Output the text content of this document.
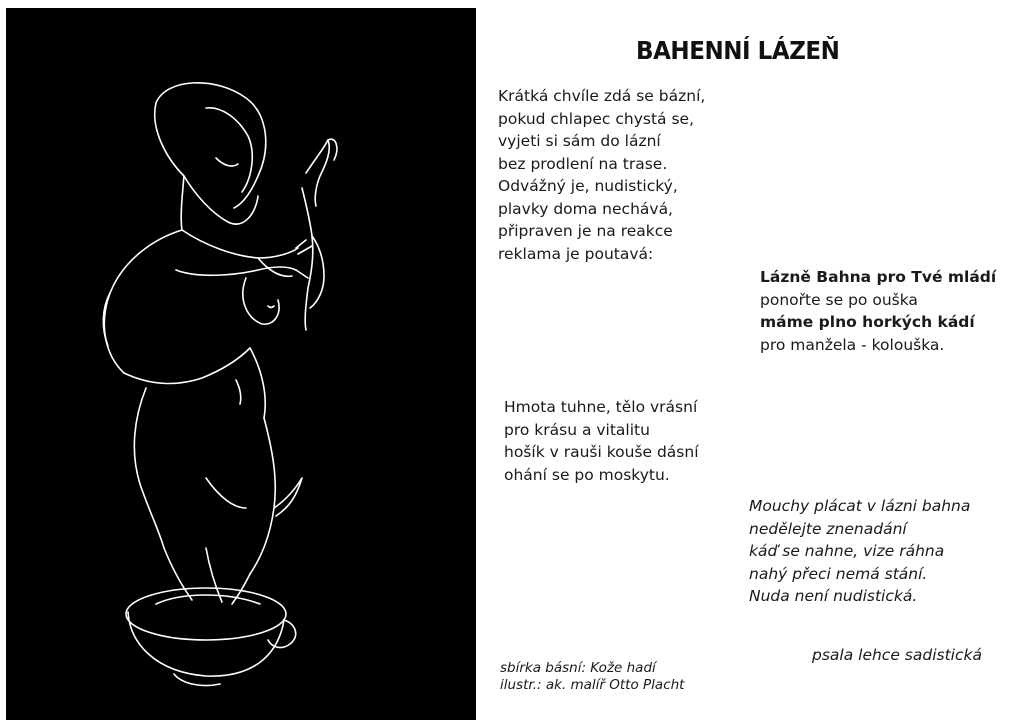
BAHENNÍ LÁZEŇ
Krátká chvíle zdá se bázní,
pokud chlapec chystá se,
vyjeti si sám do lázní
bez prodlení na trase.
Odvážný je, nudistický,
plavky doma nechává,
připraven je na reakce
reklama je poutavá:
Lázně Bahna pro Tvé mládí
ponořte se po ouška
máme plno horkých kádí
pro manžela - kolouška.
Hmota tuhne, tělo vrásní
pro krásu a vitalitu
hošík v rauši kouše dásní
ohání se po moskytu.
Mouchy plácat v lázni bahna
nedělejte znenadání
káď se nahne, vize ráhna
nahý přeci nemá stání.
Nuda není nudistická.
psala lehce sadistická
sbírka básní: Kože hadí
ilustr.: ak. malíř Otto Placht
